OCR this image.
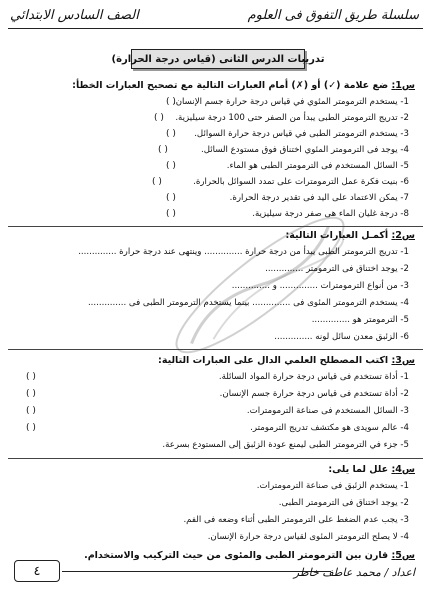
سلسلة طريق التفوق فى العلوم
الصف السادس الابتدائي
تدريبات الدرس الثانى (قياس درجة الحرارة)
س1: ضع علامة (✓) أو (✗) أمام العبارات التالية مع تصحيح العبارات الخطأ:
1- يستخدم الترمومتر المئوي في قياس درجة حرارة جسم الإنسان.
2- تدريج الترمومتر الطبى يبدأ من الصفر حتى 100 درجة سيليزية.
3- يستخدم الترمومتر الطبى في قياس درجة حرارة السوائل.
4- يوجد فى الترمومتر المئوي اختناق فوق مستودع السائل.
5- السائل المستخدم فى الترمومتر الطبى هو الماء.
6- بنيت فكرة عمل الترمومترات على تمدد السوائل بالحرارة.
7- يمكن الاعتماد على اليد فى تقدير درجة الحرارة.
8- درجة غليان الماء هى صفر درجة سيليزية.
( )
( )
( )
( )
( )
( )
( )
( )
س2: أكمـل العبارات التالية:
1- تدريج الترمومتر الطبى يبدأ من درجة حرارة .............. وينتهى عند درجة حرارة ..............
2- يوجد اختناق فى الترمومتر ..............
3- من أنواع الترمومترات .............. و ..............
4- يستخدم الترمومتر المئوى فى .............. بينما يستخدم الترمومتر الطبى فى ..............
5- الترمومتر هو ..............
6- الزئبق معدن سائل لونه ..............
س3: اكتب المصطلح العلمي الدال على العبارات التالية:
1- أداة تستخدم فى قياس درجة حرارة المواد السائلة.
2- أداة تستخدم فى قياس درجة حرارة جسم الإنسان.
3- السائل المستخدم فى صناعة الترمومترات.
4- عالم سويدى هو مكتشف تدريج الترمومتر.
5- جزء في الترمومتر الطبى ليمنع عودة الزئبق إلى المستودع بسرعة.
( )
( )
( )
( )
س4: علل لما يلى:
1- يستخدم الزئبق فى صناعة الترمومترات.
2- يوجد اختناق فى الترمومتر الطبى.
3- يجب عدم الضغط على الترمومتر الطبى أثناء وضعه فى الفم.
4- لا يصلح الترمومتر المئوى لقياس درجة حرارة الإنسان.
س5: قارن بين الترمومتر الطبى والمئوى من حيث التركيب والاستخدام.
٤	اعداد / محمد عاطف خاطر
